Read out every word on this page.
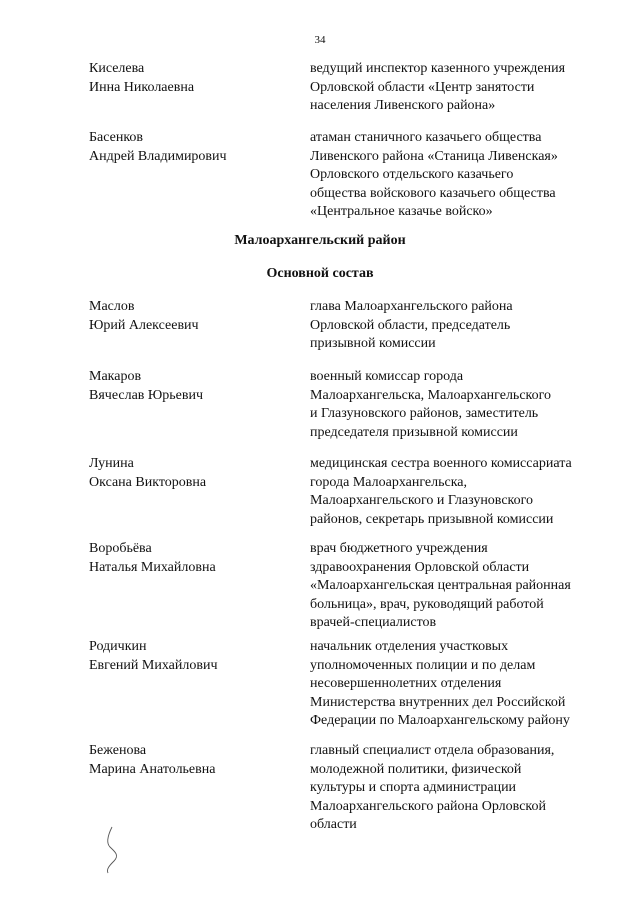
34
Киселева
Инна Николаевна
ведущий инспектор казенного учреждения
Орловской области «Центр занятости
населения Ливенского района»
Басенков
Андрей Владимирович
атаман станичного казачьего общества
Ливенского района «Станица Ливенская»
Орловского отдельского казачьего
общества войскового казачьего общества
«Центральное казачье войско»
Малоархангельский район
Основной состав
Маслов
Юрий Алексеевич
глава Малоархангельского района
Орловской области, председатель
призывной комиссии
Макаров
Вячеслав Юрьевич
военный комиссар города
Малоархангельска, Малоархангельского
и Глазуновского районов, заместитель
председателя призывной комиссии
Лунина
Оксана Викторовна
медицинская сестра военного комиссариата
города Малоархангельска,
Малоархангельского и Глазуновского
районов, секретарь призывной комиссии
Воробьёва
Наталья Михайловна
врач бюджетного учреждения
здравоохранения Орловской области
«Малоархангельская центральная районная
больница», врач, руководящий работой
врачей-специалистов
Родичкин
Евгений Михайлович
начальник отделения участковых
уполномоченных полиции и по делам
несовершеннолетних отделения
Министерства внутренних дел Российской
Федерации по Малоархангельскому району
Беженова
Марина Анатольевна
главный специалист отдела образования,
молодежной политики, физической
культуры и спорта администрации
Малоархангельского района Орловской
области
